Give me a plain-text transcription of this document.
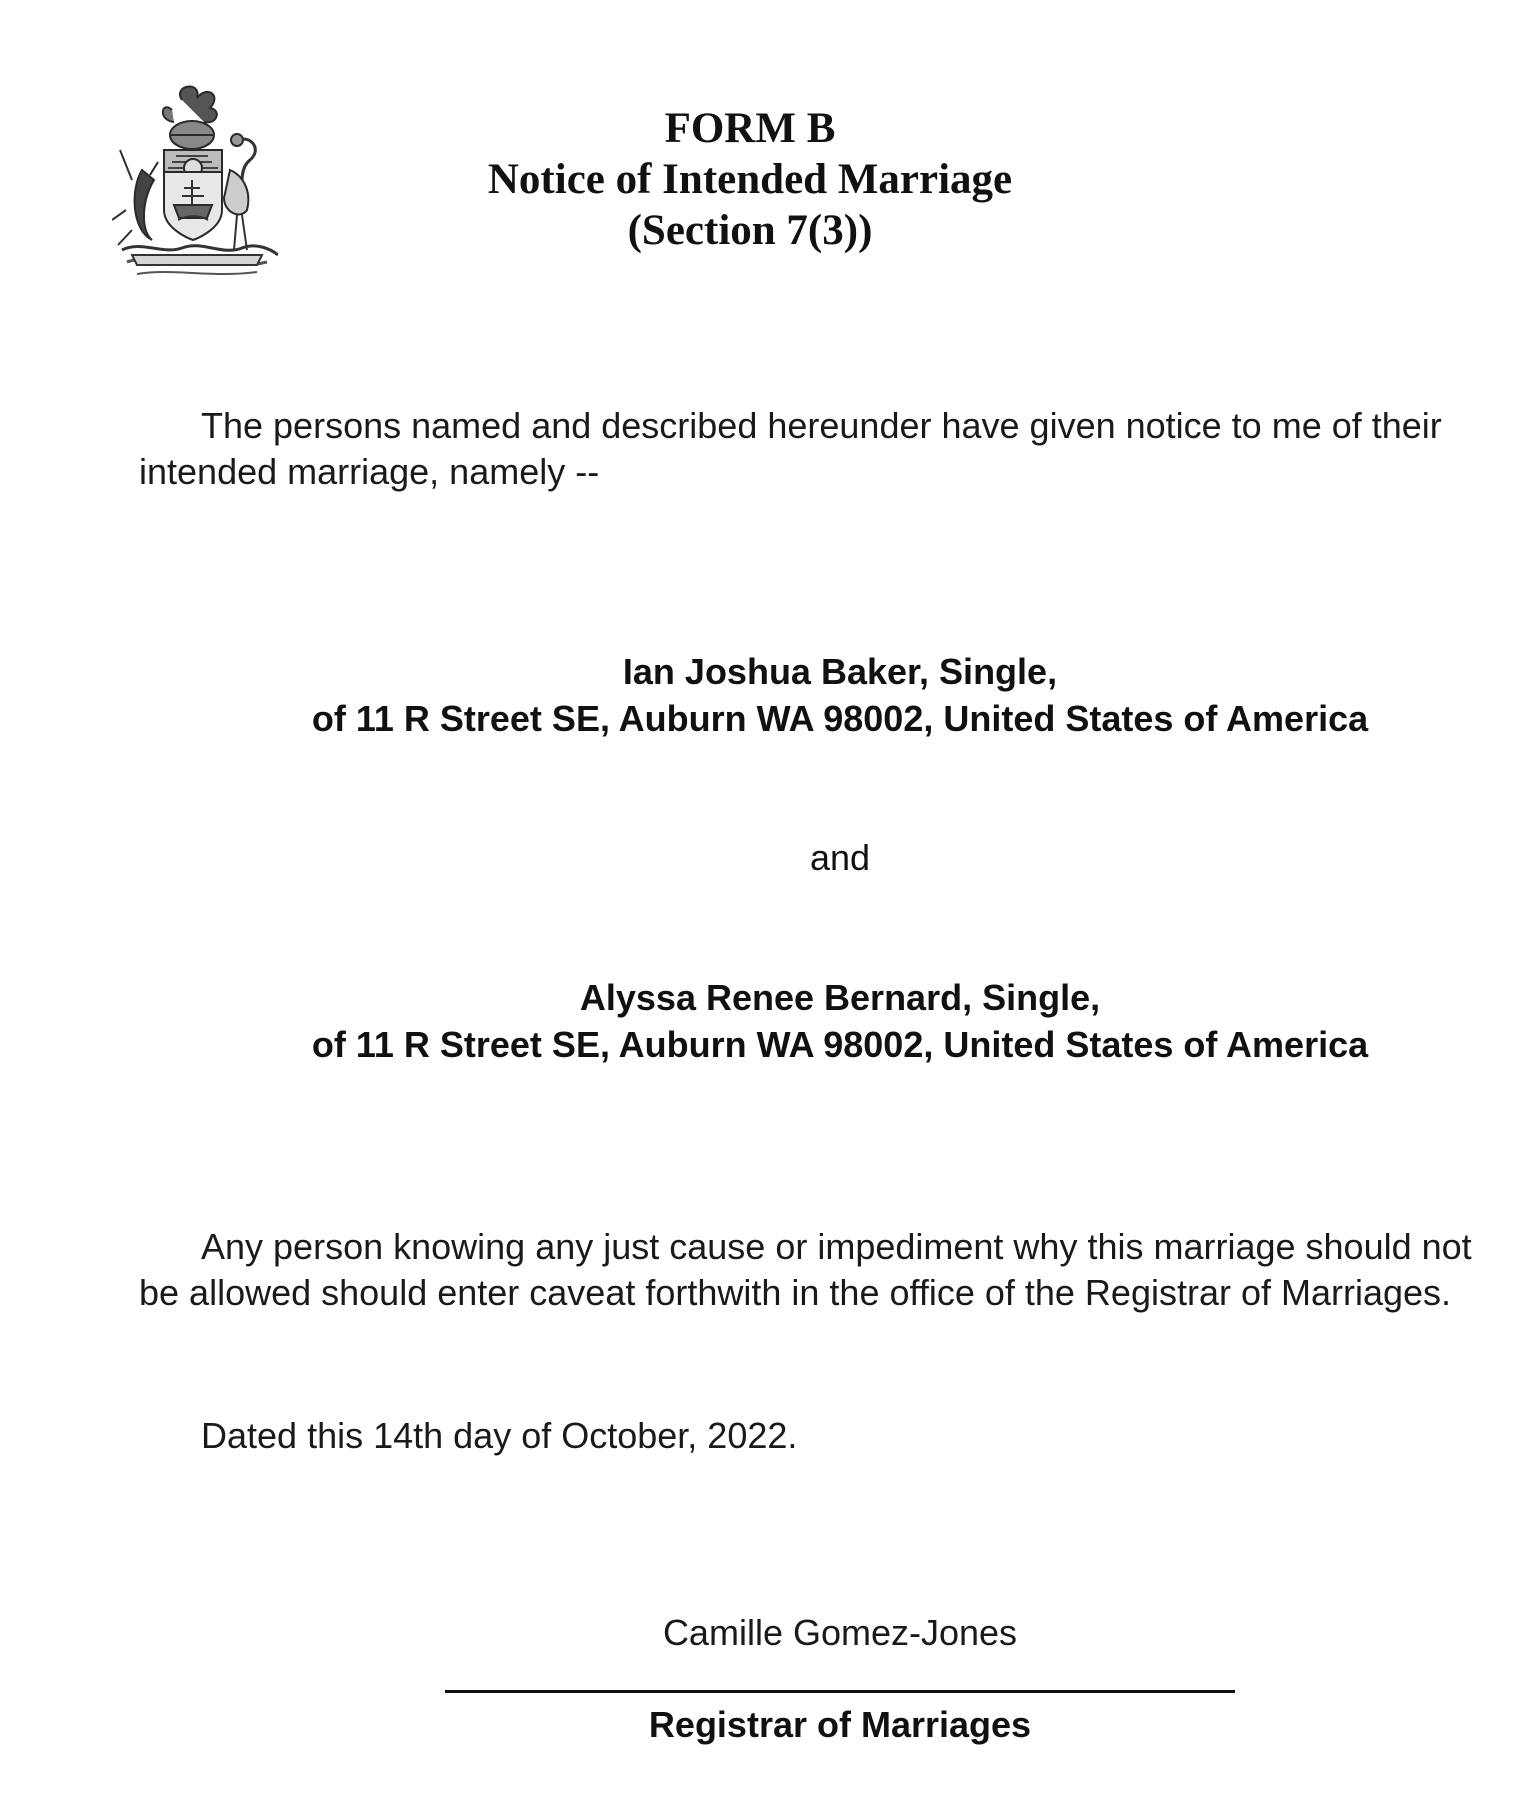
FORM B
Notice of Intended Marriage
(Section 7(3))
The persons named and described hereunder have given notice to me of their
intended marriage, namely --
Ian Joshua Baker, Single,
of 11 R Street SE, Auburn WA 98002, United States of America
and
Alyssa Renee Bernard, Single,
of 11 R Street SE, Auburn WA 98002, United States of America
Any person knowing any just cause or impediment why this marriage should not
be allowed should enter caveat forthwith in the office of the Registrar of Marriages.
Dated this 14th day of October, 2022.
Camille Gomez-Jones
Registrar of Marriages
